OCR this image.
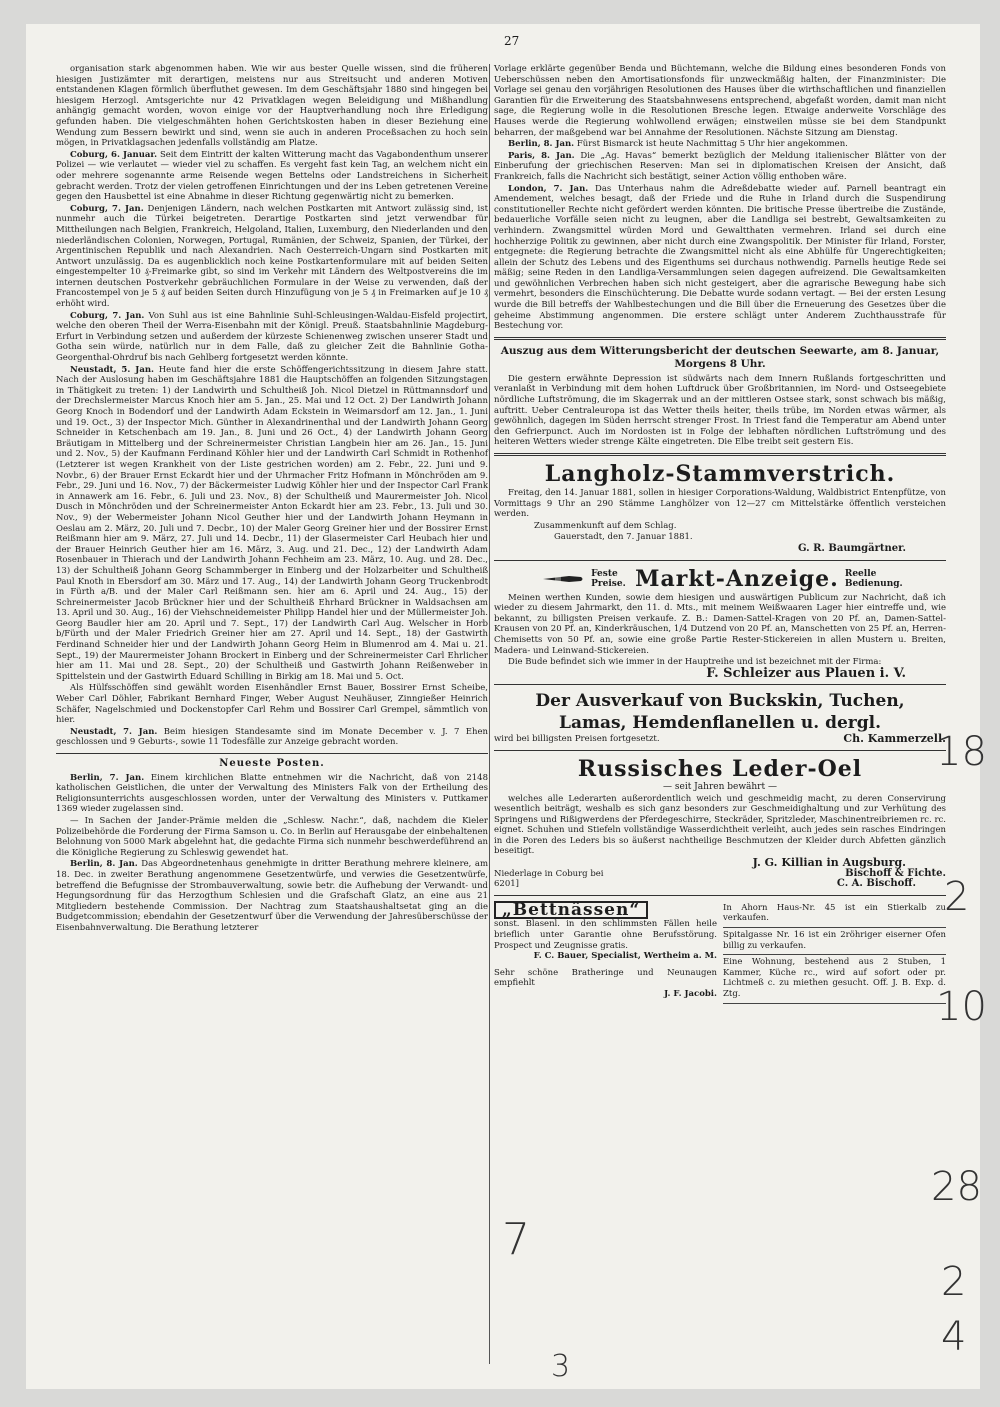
27

organisation stark abgenommen haben. Wie wir aus bester Quelle wissen, sind die früheren hiesigen Justizämter mit derartigen, meistens nur aus Streitsucht und anderen Motiven entstandenen Klagen förmlich überfluthet gewesen. Im dem Geschäftsjahr 1880 sind hingegen bei hiesigem Herzogl. Amtsgerichte nur 42 Privatklagen wegen Beleidigung und Mißhandlung anhängig gemacht worden, wovon einige vor der Hauptverhandlung noch ihre Erledigung gefunden haben. Die vielgeschmähten hohen Gerichtskosten haben in dieser Beziehung eine Wendung zum Bessern bewirkt und sind, wenn sie auch in anderen Proceßsachen zu hoch sein mögen, in Privatklagsachen jedenfalls vollständig am Platze.

Coburg, 6. Januar. Seit dem Eintritt der kalten Witterung macht das Vagabondenthum unserer Polizei — wie verlautet — wieder viel zu schaffen. Es vergeht fast kein Tag, an welchem nicht ein oder mehrere sogenannte arme Reisende wegen Bettelns oder Landstreichens in Sicherheit gebracht werden. Trotz der vielen getroffenen Einrichtungen und der ins Leben getretenen Vereine gegen den Hausbettel ist eine Abnahme in dieser Richtung gegenwärtig nicht zu bemerken.

Coburg, 7. Jan. Denjenigen Ländern, nach welchen Postkarten mit Antwort zulässig sind, ist nunmehr auch die Türkei beigetreten. Derartige Postkarten sind jetzt verwendbar für Mittheilungen nach Belgien, Frankreich, Helgoland, Italien, Luxemburg, den Niederlanden und den niederländischen Colonien, Norwegen, Portugal, Rumänien, der Schweiz, Spanien, der Türkei, der Argentinischen Republik und nach Alexandrien. Nach Oesterreich-Ungarn sind Postkarten mit Antwort unzulässig. Da es augenblicklich noch keine Postkartenformulare mit auf beiden Seiten eingestempelter 10 ₰-Freimarke gibt, so sind im Verkehr mit Ländern des Weltpostvereins die im internen deutschen Postverkehr gebräuchlichen Formulare in der Weise zu verwenden, daß der Francostempel von je 5 ₰ auf beiden Seiten durch Hinzufügung von je 5 ₰ in Freimarken auf je 10 ₰ erhöht wird.

Coburg, 7. Jan. Von Suhl aus ist eine Bahnlinie Suhl-Schleusingen-Waldau-Eisfeld projectirt, welche den oberen Theil der Werra-Eisenbahn mit der Königl. Preuß. Staatsbahnlinie Magdeburg-Erfurt in Verbindung setzen und außerdem der kürzeste Schienenweg zwischen unserer Stadt und Gotha sein würde, natürlich nur in dem Falle, daß zu gleicher Zeit die Bahnlinie Gotha-Georgenthal-Ohrdruf bis nach Gehlberg fortgesetzt werden könnte.

Neustadt, 5. Jan. Heute fand hier die erste Schöffengerichtssitzung in diesem Jahre statt. Nach der Auslosung haben im Geschäftsjahre 1881 die Hauptschöffen an folgenden Sitzungstagen in Thätigkeit zu treten: 1) der Landwirth und Schultheiß Joh. Nicol Dietzel in Rüttmannsdorf und der Drechslermeister Marcus Knoch hier am 5. Jan., 25. Mai und 12 Oct. 2) Der Landwirth Johann Georg Knoch in Bodendorf und der Landwirth Adam Eckstein in Weimarsdorf am 12. Jan., 1. Juni und 19. Oct., 3) der Inspector Mich. Günther in Alexandrinenthal und der Landwirth Johann Georg Schneider in Ketschenbach am 19. Jan., 8. Juni und 26 Oct., 4) der Landwirth Johann Georg Bräutigam in Mittelberg und der Schreinermeister Christian Langbein hier am 26. Jan., 15. Juni und 2. Nov., 5) der Kaufmann Ferdinand Köhler hier und der Landwirth Carl Schmidt in Rothenhof (Letzterer ist wegen Krankheit von der Liste gestrichen worden) am 2. Febr., 22. Juni und 9. Novbr., 6) der Brauer Ernst Eckardt hier und der Uhrmacher Fritz Hofmann in Mönchröden am 9. Febr., 29. Juni und 16. Nov., 7) der Bäckermeister Ludwig Köhler hier und der Inspector Carl Frank in Annawerk am 16. Febr., 6. Juli und 23. Nov., 8) der Schultheiß und Maurermeister Joh. Nicol Dusch in Mönchröden und der Schreinermeister Anton Eckardt hier am 23. Febr., 13. Juli und 30. Nov., 9) der Webermeister Johann Nicol Geuther hier und der Landwirth Johann Heymann in Oeslau am 2. März, 20. Juli und 7. Decbr., 10) der Maler Georg Greiner hier und der Bossirer Ernst Reißmann hier am 9. März, 27. Juli und 14. Decbr., 11) der Glasermeister Carl Heubach hier und der Brauer Heinrich Geuther hier am 16. März, 3. Aug. und 21. Dec., 12) der Landwirth Adam Rosenbauer in Thierach und der Landwirth Johann Fechheim am 23. März, 10. Aug. und 28. Dec., 13) der Schultheiß Johann Georg Schammberger in Einberg und der Holzarbeiter und Schultheiß Paul Knoth in Ebersdorf am 30. März und 17. Aug., 14) der Landwirth Johann Georg Truckenbrodt in Fürth a/B. und der Maler Carl Reißmann sen. hier am 6. April und 24. Aug., 15) der Schreinermeister Jacob Brückner hier und der Schultheiß Ehrhard Brückner in Waldsachsen am 13. April und 30. Aug., 16) der Viehschneidemeister Philipp Handel hier und der Müllermeister Joh. Georg Baudler hier am 20. April und 7. Sept., 17) der Landwirth Carl Aug. Welscher in Horb b/Fürth und der Maler Friedrich Greiner hier am 27. April und 14. Sept., 18) der Gastwirth Ferdinand Schneider hier und der Landwirth Johann Georg Heim in Blumenrod am 4. Mai u. 21. Sept., 19) der Maurermeister Johann Brockert in Einberg und der Schreinermeister Carl Ehrlicher hier am 11. Mai und 28. Sept., 20) der Schultheiß und Gastwirth Johann Reißenweber in Spittelstein und der Gastwirth Eduard Schilling in Birkig am 18. Mai und 5. Oct.

Als Hülfsschöffen sind gewählt worden Eisenhändler Ernst Bauer, Bossirer Ernst Scheibe, Weber Carl Döhler, Fabrikant Bernhard Finger, Weber August Neuhäuser, Zinngießer Heinrich Schäfer, Nagelschmied und Dockenstopfer Carl Rehm und Bossirer Carl Grempel, sämmtlich von hier.

Neustadt, 7. Jan. Beim hiesigen Standesamte sind im Monate December v. J. 7 Ehen geschlossen und 9 Geburts-, sowie 11 Todesfälle zur Anzeige gebracht worden.

Neueste Posten.

Berlin, 7. Jan. Einem kirchlichen Blatte entnehmen wir die Nachricht, daß von 2148 katholischen Geistlichen, die unter der Verwaltung des Ministers Falk von der Ertheilung des Religionsunterrichts ausgeschlossen worden, unter der Verwaltung des Ministers v. Puttkamer 1369 wieder zugelassen sind.

— In Sachen der Jander-Prämie melden die „Schlesw. Nachr.“, daß, nachdem die Kieler Polizeibehörde die Forderung der Firma Samson u. Co. in Berlin auf Herausgabe der einbehaltenen Belohnung von 5000 Mark abgelehnt hat, die gedachte Firma sich nunmehr beschwerdeführend an die Königliche Regierung zu Schleswig gewendet hat.

Berlin, 8. Jan. Das Abgeordnetenhaus genehmigte in dritter Berathung mehrere kleinere, am 18. Dec. in zweiter Berathung angenommene Gesetzentwürfe, und verwies die Gesetzentwürfe, betreffend die Befugnisse der Strombauverwaltung, sowie betr. die Aufhebung der Verwandt- und Hegungsordnung für das Herzogthum Schlesien und die Grafschaft Glatz, an eine aus 21 Mitgliedern bestehende Commission. Der Nachtrag zum Staatshaushaltsetat ging an die Budgetcommission; ebendahin der Gesetzentwurf über die Verwendung der Jahresüberschüsse der Eisenbahnverwaltung. Die Berathung letzterer

Vorlage erklärte gegenüber Benda und Büchtemann, welche die Bildung eines besonderen Fonds von Ueberschüssen neben den Amortisationsfonds für unzweckmäßig halten, der Finanzminister: Die Vorlage sei genau den vorjährigen Resolutionen des Hauses über die wirthschaftlichen und finanziellen Garantien für die Erweiterung des Staatsbahnwesens entsprechend, abgefaßt worden, damit man nicht sage, die Regierung wolle in die Resolutionen Bresche legen. Etwaige anderweite Vorschläge des Hauses werde die Regierung wohlwollend erwägen; einstweilen müsse sie bei dem Standpunkt beharren, der maßgebend war bei Annahme der Resolutionen. Nächste Sitzung am Dienstag.

Berlin, 8. Jan. Fürst Bismarck ist heute Nachmittag 5 Uhr hier angekommen.

Paris, 8. Jan. Die „Ag. Havas“ bemerkt bezüglich der Meldung italienischer Blätter von der Einberufung der griechischen Reserven: Man sei in diplomatischen Kreisen der Ansicht, daß Frankreich, falls die Nachricht sich bestätigt, seiner Action völlig enthoben wäre.

London, 7. Jan. Das Unterhaus nahm die Adreßdebatte wieder auf. Parnell beantragt ein Amendement, welches besagt, daß der Friede und die Ruhe in Irland durch die Suspendirung constitutioneller Rechte nicht gefördert werden könnten. Die britische Presse übertreibe die Zustände, bedauerliche Vorfälle seien nicht zu leugnen, aber die Landliga sei bestrebt, Gewaltsamkeiten zu verhindern. Zwangsmittel würden Mord und Gewaltthaten vermehren. Irland sei durch eine hochherzige Politik zu gewinnen, aber nicht durch eine Zwangspolitik. Der Minister für Irland, Forster, entgegnete: die Regierung betrachte die Zwangsmittel nicht als eine Abhülfe für Ungerechtigkeiten; allein der Schutz des Lebens und des Eigenthums sei durchaus nothwendig. Parnells heutige Rede sei mäßig; seine Reden in den Landliga-Versammlungen seien dagegen aufreizend. Die Gewaltsamkeiten und gewöhnlichen Verbrechen haben sich nicht gesteigert, aber die agrarische Bewegung habe sich vermehrt, besonders die Einschüchterung. Die Debatte wurde sodann vertagt. — Bei der ersten Lesung wurde die Bill betreffs der Wahlbestechungen und die Bill über die Erneuerung des Gesetzes über die geheime Abstimmung angenommen. Die erstere schlägt unter Anderem Zuchthausstrafe für Bestechung vor.

Auszug aus dem Witterungsbericht der deutschen Seewarte, am 8. Januar, Morgens 8 Uhr.

Die gestern erwähnte Depression ist südwärts nach dem Innern Rußlands fortgeschritten und veranlaßt in Verbindung mit dem hohen Luftdruck über Großbritannien, im Nord- und Ostseegebiete nördliche Luftströmung, die im Skagerrak und an der mittleren Ostsee stark, sonst schwach bis mäßig, auftritt. Ueber Centraleuropa ist das Wetter theils heiter, theils trübe, im Norden etwas wärmer, als gewöhnlich, dagegen im Süden herrscht strenger Frost. In Triest fand die Temperatur am Abend unter den Gefrierpunct. Auch im Nordosten ist in Folge der lebhaften nördlichen Luftströmung und des heiteren Wetters wieder strenge Kälte eingetreten. Die Elbe treibt seit gestern Eis.

Langholz-Stammverstrich.

Freitag, den 14. Januar 1881, sollen in hiesiger Corporations-Waldung, Waldbistrict Entenpfütze, von Vormittags 9 Uhr an 290 Stämme Langhölzer von 12—27 cm Mittelstärke öffentlich versteichen werden.

Zusammenkunft auf dem Schlag.

Gauerstadt, den 7. Januar 1881.

G. R. Baumgärtner.
Feste Preise. Markt-Anzeige. Reelle Bedienung.

Meinen werthen Kunden, sowie dem hiesigen und auswärtigen Publicum zur Nachricht, daß ich wieder zu diesem Jahrmarkt, den 11. d. Mts., mit meinem Weißwaaren Lager hier eintreffe und, wie bekannt, zu billigsten Preisen verkaufe. Z. B.: Damen-Sattel-Kragen von 20 Pf. an, Damen-Sattel-Krausen von 20 Pf. an, Kinderkräuschen, 1/4 Dutzend von 20 Pf. an, Manschetten von 25 Pf. an, Herren-Chemisetts von 50 Pf. an, sowie eine große Partie Rester-Stickereien in allen Mustern u. Breiten, Madera- und Leinwand-Stickereien.

Die Bude befindet sich wie immer in der Hauptreihe und ist bezeichnet mit der Firma:

F. Schleizer aus Plauen i. V.
Der Ausverkauf von Buckskin, Tuchen,
Lamas, Hemdenflanellen u. dergl.
wird bei billigsten Preisen fortgesetzt.	Ch. Kammerzell.
Russisches Leder-Oel
— seit Jahren bewährt —

welches alle Lederarten außerordentlich weich und geschmeidig macht, zu deren Conservirung wesentlich beiträgt, weshalb es sich ganz besonders zur Geschmeidighaltung und zur Verhütung des Springens und Rißigwerdens der Pferdegeschirre, Steckräder, Spritzleder, Maschinentreibriemen rc. rc. eignet. Schuhen und Stiefeln vollständige Wasserdichtheit verleiht, auch jedes sein rasches Eindringen in die Poren des Leders bis so äußerst nachtheilige Beschmutzen der Kleider durch Abfetten gänzlich beseitigt.

J. G. Killian in Augsburg.
Niederlage in Coburg bei	Bischoff & Fichte.
6201]	C. A. Bischoff.
„Bettnässen“
sonst. Blasenl. in den schlimmsten Fällen heile brieflich unter Garantie ohne Berufsstörung. Prospect und Zeugnisse gratis.
F. C. Bauer, Specialist, Wertheim a. M.
Sehr schöne Bratheringe und Neunaugen empfiehlt
J. F. Jacobi.
In Ahorn Haus-Nr. 45 ist ein Stierkalb zu verkaufen.
Spitalgasse Nr. 16 ist ein 2röhriger eiserner Ofen billig zu verkaufen.
Eine Wohnung, bestehend aus 2 Stuben, 1 Kammer, Küche rc., wird auf sofort oder pr. Lichtmeß c. zu miethen gesucht. Off. J. B. Exp. d. Ztg.
18
2
10
28
2
4
3
7
